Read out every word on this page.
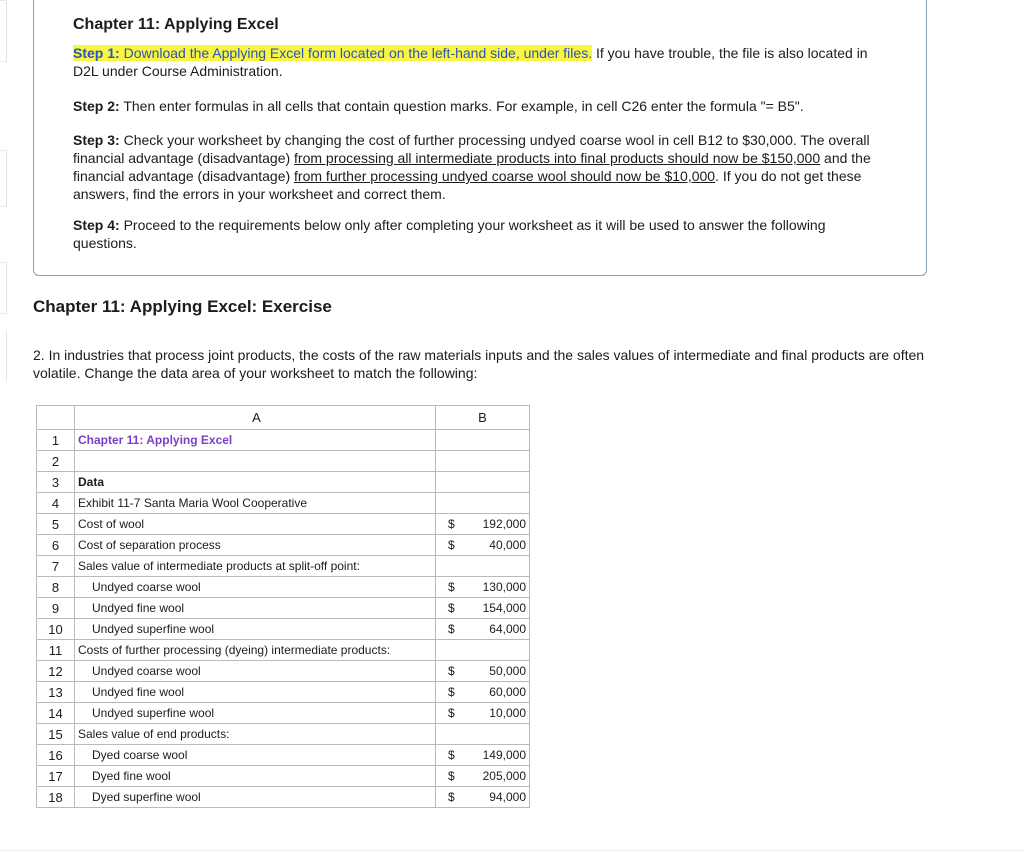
Chapter 11: Applying Excel
Step 1: Download the Applying Excel form located on the left-hand side, under files. If you have trouble, the file is also located in D2L under Course Administration.
Step 2: Then enter formulas in all cells that contain question marks. For example, in cell C26 enter the formula "= B5".
Step 3: Check your worksheet by changing the cost of further processing undyed coarse wool in cell B12 to $30,000. The overall financial advantage (disadvantage) from processing all intermediate products into final products should now be $150,000 and the financial advantage (disadvantage) from further processing undyed coarse wool should now be $10,000. If you do not get these answers, find the errors in your worksheet and correct them.
Step 4: Proceed to the requirements below only after completing your worksheet as it will be used to answer the following questions.
Chapter 11: Applying Excel: Exercise
2. In industries that process joint products, the costs of the raw materials inputs and the sales values of intermediate and final products are often volatile. Change the data area of your worksheet to match the following:
	A	B
1	Chapter 11: Applying Excel	

2		

3	Data	

4	Exhibit 11-7 Santa Maria Wool Cooperative	

5	Cost of wool	$ 192,000

6	Cost of separation process	$ 40,000

7	Sales value of intermediate products at split-off point:	

8	Undyed coarse wool	$ 130,000

9	Undyed fine wool	$ 154,000

10	Undyed superfine wool	$ 64,000

11	Costs of further processing (dyeing) intermediate products:	

12	Undyed coarse wool	$ 50,000

13	Undyed fine wool	$ 60,000

14	Undyed superfine wool	$ 10,000

15	Sales value of end products:	

16	Dyed coarse wool	$ 149,000

17	Dyed fine wool	$ 205,000

18	Dyed superfine wool	$ 94,000
